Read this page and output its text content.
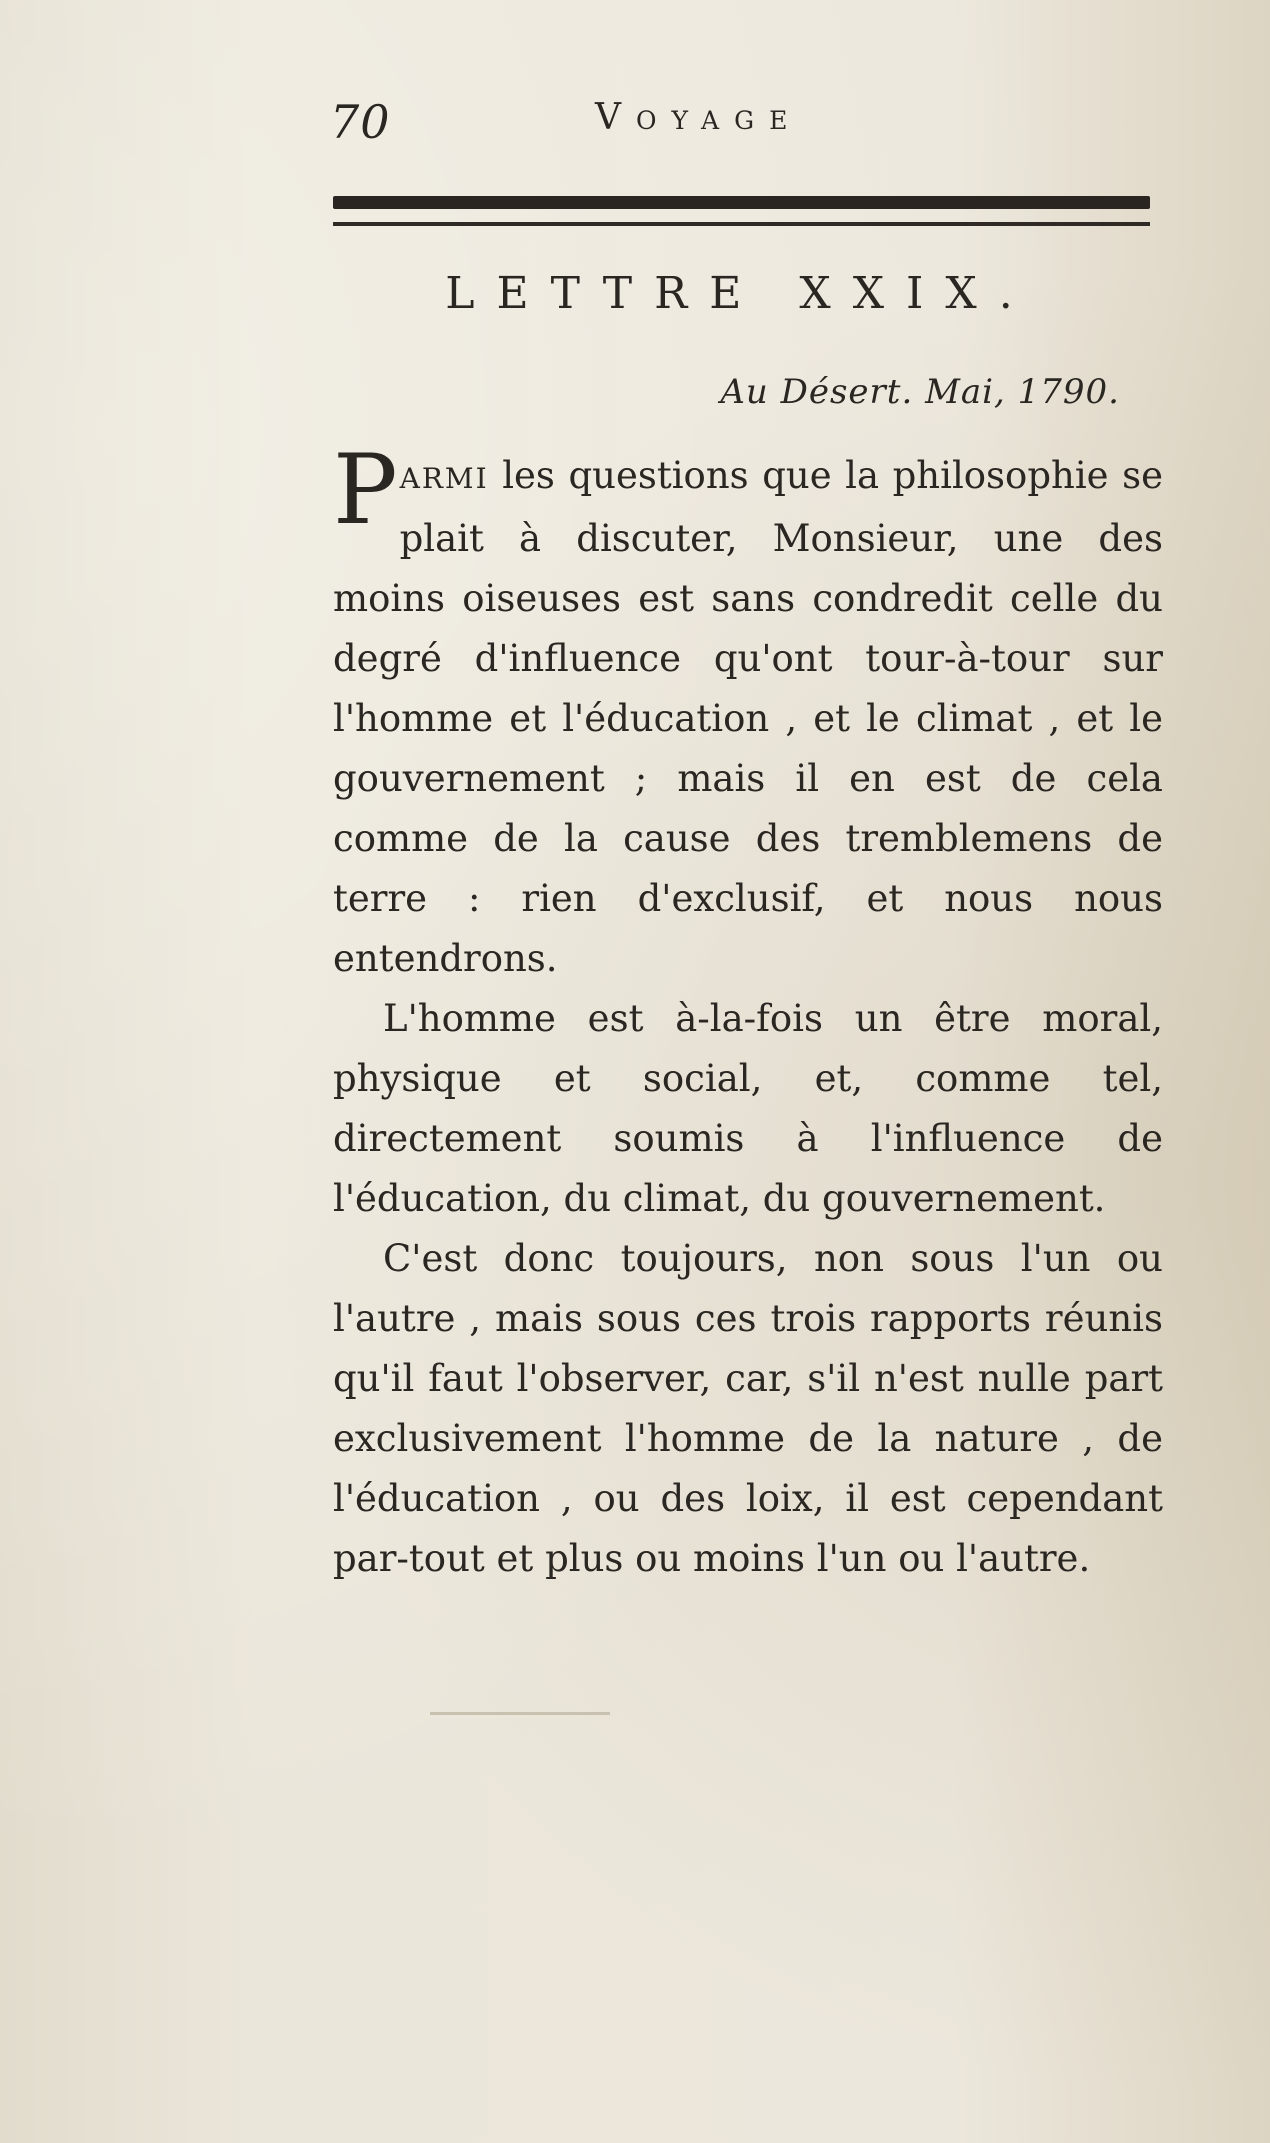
70	Voyage
LETTRE XXIX.
Au Désert. Mai, 1790.

PARMI les questions que la philosophie se plait à discuter, Monsieur, une des moins oiseuses est sans condredit celle du degré d'influence qu'ont tour-à-tour sur l'homme et l'éducation , et le climat , et le gouvernement ; mais il en est de cela comme de la cause des tremblemens de terre : rien d'exclusif, et nous nous entendrons.

L'homme est à-la-fois un être moral, physique et social, et, comme tel, directement soumis à l'influence de l'éducation, du climat, du gouvernement.

C'est donc toujours, non sous l'un ou l'autre , mais sous ces trois rapports réunis qu'il faut l'observer, car, s'il n'est nulle part exclusivement l'homme de la nature , de l'éducation , ou des loix, il est cependant par-tout et plus ou moins l'un ou l'autre.
